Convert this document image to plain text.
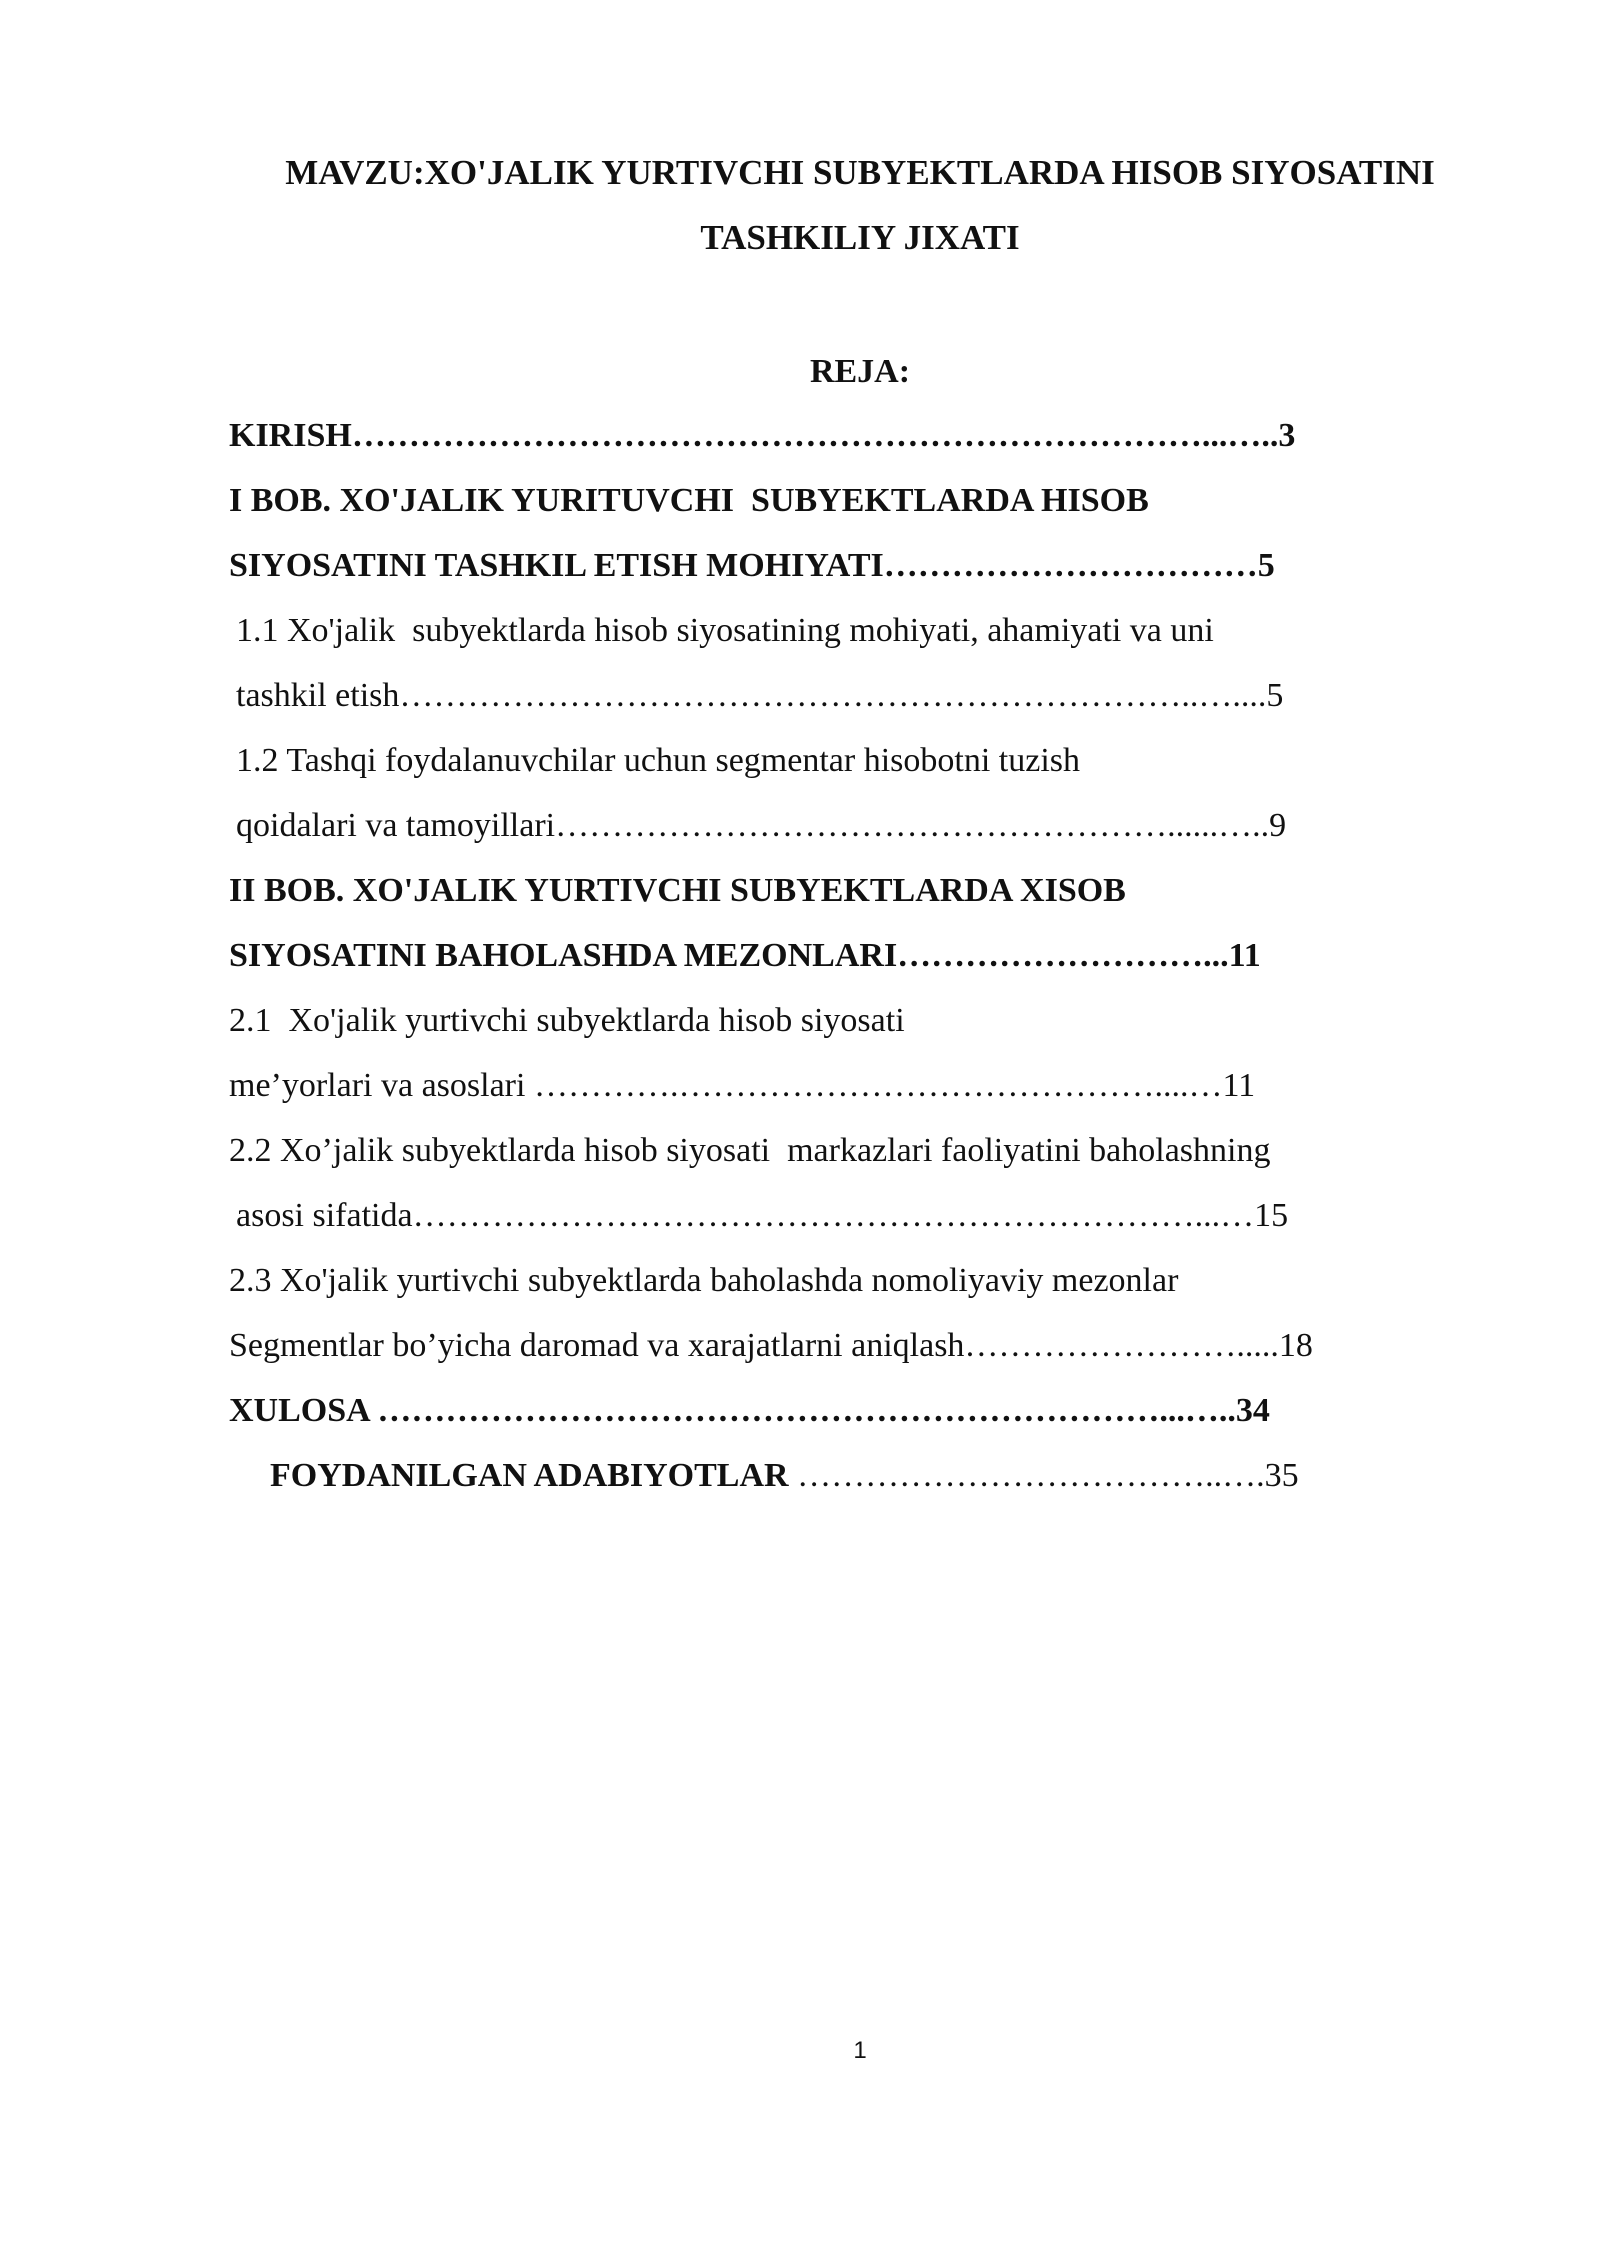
MAVZU:XO'JALIK YURTIVCHI SUBYEKTLARDA HISOB SIYOSATINI
TASHKILIY JIXATI
REJA:

KIRISH…………………………………………………………………...…..3

I BOB. XO'JALIK YURITUVCHI  SUBYEKTLARDA HISOB

SIYOSATINI TASHKIL ETISH MOHIYATI……………………………5

1.1 Xo'jalik  subyektlarda hisob siyosatining mohiyati, ahamiyati va uni

tashkil etish……………………………………………………………..…....5

1.2 Tashqi foydalanuvchilar uchun segmentar hisobotni tuzish

qoidalari va tamoyillari………………………………………………......…..9

II BOB. XO'JALIK YURTIVCHI SUBYEKTLARDA XISOB

SIYOSATINI BAHOLASHDA MEZONLARI………………………...11

2.1  Xo'jalik yurtivchi subyektlarda hisob siyosati

me’yorlari va asoslari ………….……………………………………....…11

2.2 Xo’jalik subyektlarda hisob siyosati  markazlari faoliyatini baholashning

asosi sifatida……………………………………………………………...…15

2.3 Xo'jalik yurtivchi subyektlarda baholashda nomoliyaviy mezonlar

Segmentlar bo’yicha daromad va xarajatlarni aniqlash…………………….....18

XULOSA ……………………………………………………………...…..34

FOYDANILGAN ADABIYOTLAR ………………………………..….35

1
